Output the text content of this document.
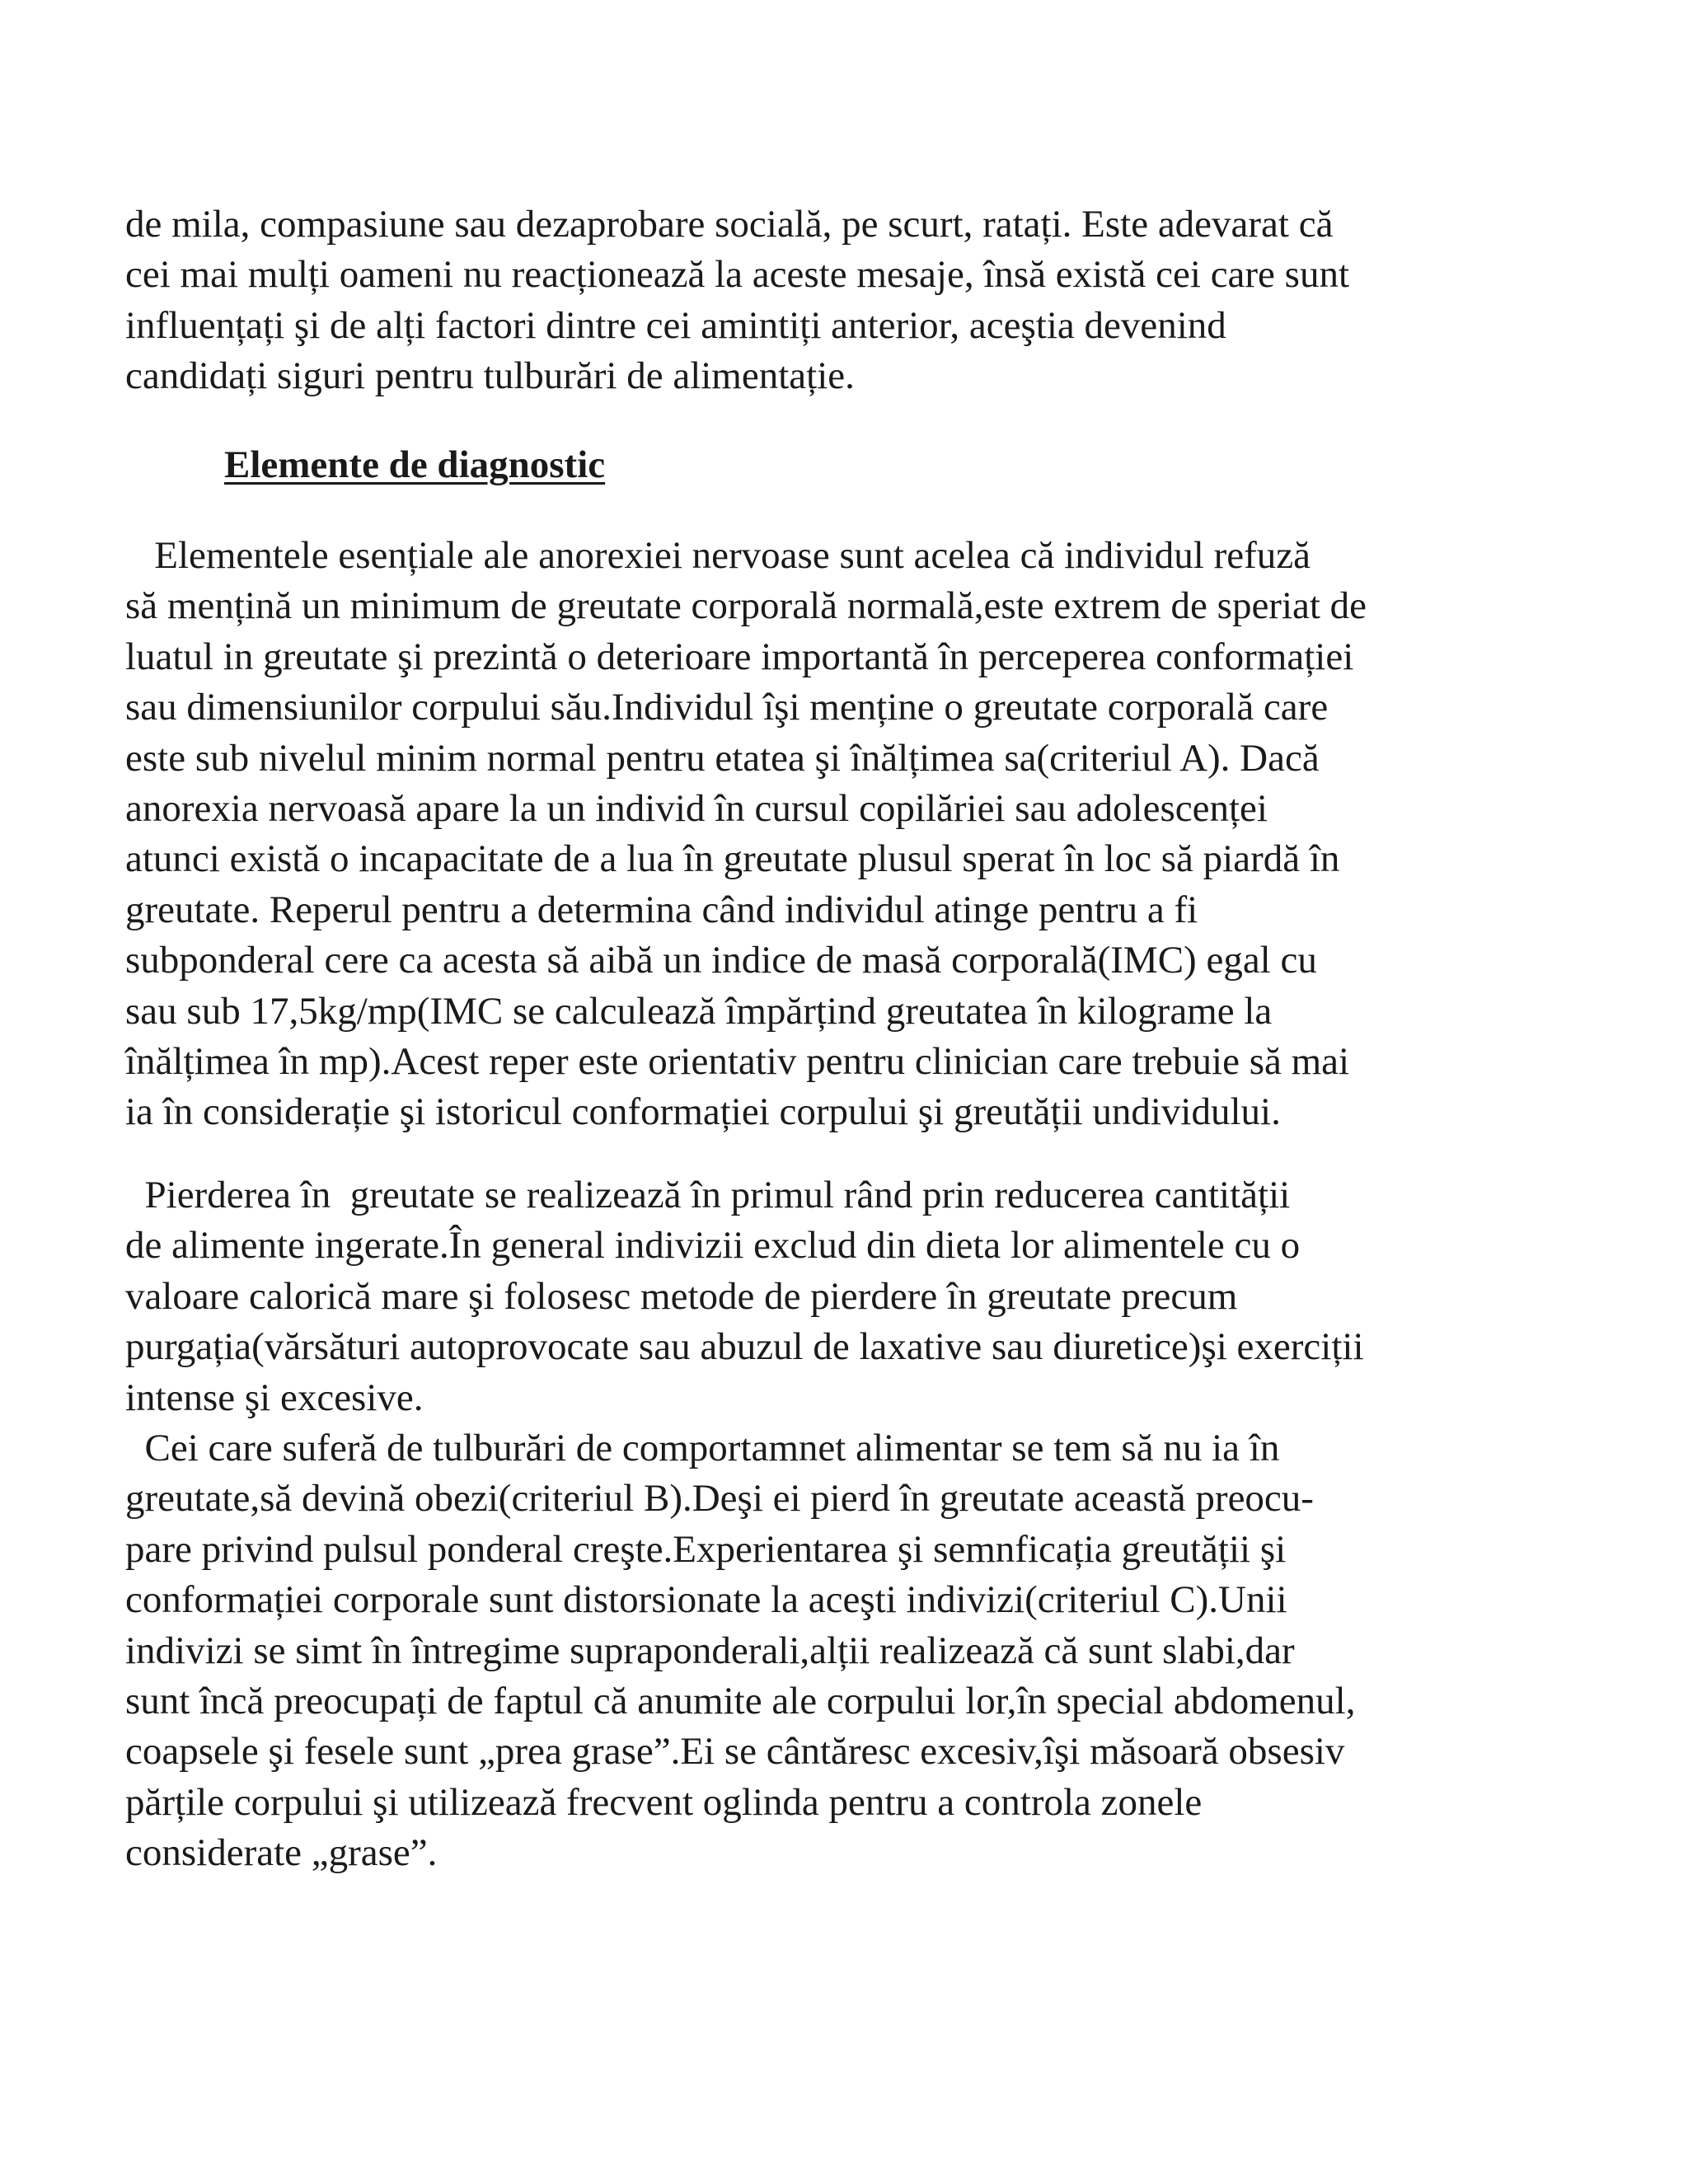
de mila, compasiune sau dezaprobare socială, pe scurt, ratați. Este adevarat că
cei mai mulți oameni nu reacționează la aceste mesaje, însă există cei care sunt
influențați şi de alți factori dintre cei amintiți anterior, aceştia devenind
candidați siguri pentru tulburări de alimentație.
Elemente de diagnostic
Elementele esențiale ale anorexiei nervoase sunt acelea că individul refuză
să mențină un minimum de greutate corporală normală,este extrem de speriat de
luatul in greutate şi prezintă o deterioare importantă în perceperea conformației
sau dimensiunilor corpului său.Individul îşi menține o greutate corporală care
este sub nivelul minim normal pentru etatea şi înălțimea sa(criteriul A). Dacă
anorexia nervoasă apare la un individ în cursul copilăriei sau adolescenței
atunci există o incapacitate de a lua în greutate plusul sperat în loc să piardă în
greutate. Reperul pentru a determina când individul atinge pentru a fi
subponderal cere ca acesta să aibă un indice de masă corporală(IMC) egal cu
sau sub 17,5kg/mp(IMC se calculează împărțind greutatea în kilograme la
înălțimea în mp).Acest reper este orientativ pentru clinician care trebuie să mai
ia în considerație şi istoricul conformației corpului şi greutății undividului.
Pierderea în  greutate se realizează în primul rând prin reducerea cantității
de alimente ingerate.În general indivizii exclud din dieta lor alimentele cu o
valoare calorică mare şi folosesc metode de pierdere în greutate precum
purgația(vărsături autoprovocate sau abuzul de laxative sau diuretice)şi exerciții
intense şi excesive.
Cei care suferă de tulburări de comportamnet alimentar se tem să nu ia în
greutate,să devină obezi(criteriul B).Deşi ei pierd în greutate această preocu-
pare privind pulsul ponderal creşte.Experientarea şi semnficația greutății şi
conformației corporale sunt distorsionate la aceşti indivizi(criteriul C).Unii
indivizi se simt în întregime supraponderali,alții realizează că sunt slabi,dar
sunt încă preocupați de faptul că anumite ale corpului lor,în special abdomenul,
coapsele şi fesele sunt „prea grase”.Ei se cântăresc excesiv,îşi măsoară obsesiv
părțile corpului şi utilizează frecvent oglinda pentru a controla zonele
considerate „grase”.
